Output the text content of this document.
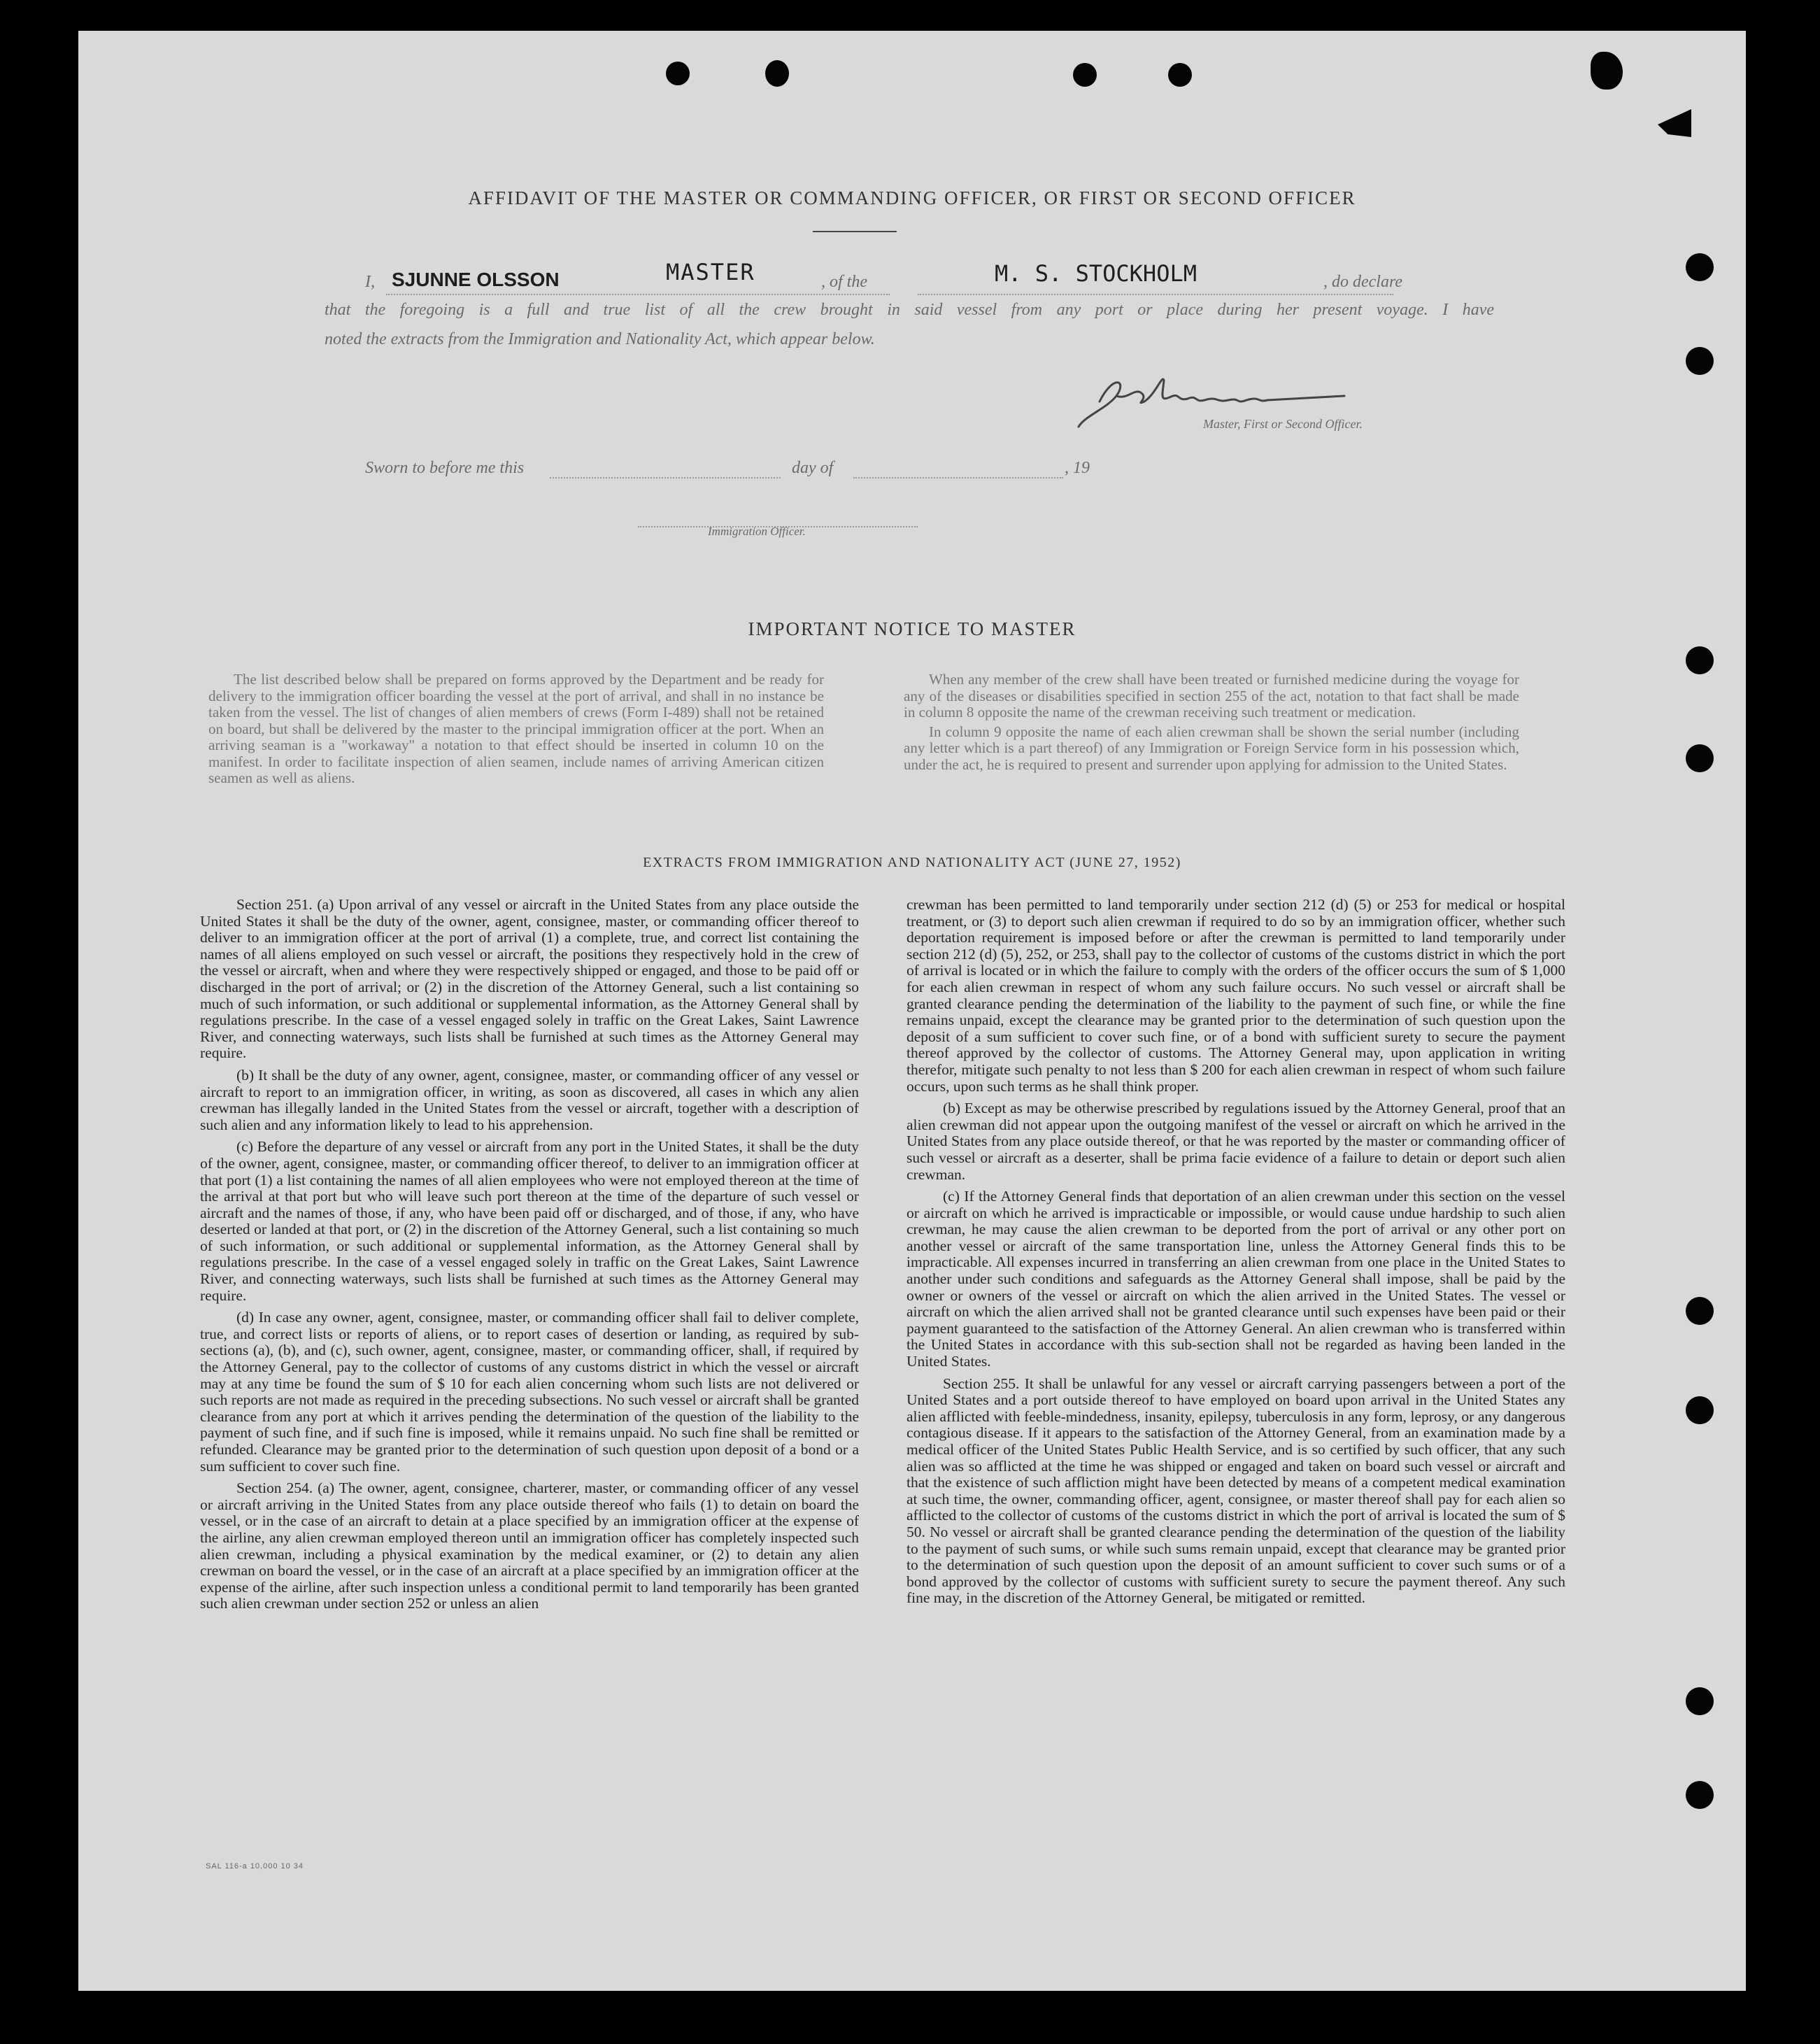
AFFIDAVIT OF THE MASTER OR COMMANDING OFFICER, OR FIRST OR SECOND OFFICER
I, SJUNNE OLSSON	MASTER	, of the	M. S. STOCKHOLM	, do declare
that the foregoing is a full and true list of all the crew brought in said vessel from any port or place during her present voyage. I have
noted the extracts from the Immigration and Nationality Act, which appear below.
Master, First or Second Officer.
Sworn to before me this	day of	, 19
Immigration Officer.
IMPORTANT NOTICE TO MASTER

The list described below shall be prepared on forms approved by the Department and be ready for delivery to the immigration officer boarding the vessel at the port of arrival, and shall in no instance be taken from the vessel. The list of changes of alien members of crews (Form I-489) shall not be retained on board, but shall be delivered by the master to the principal immigration officer at the port. When an arriving seaman is a "workaway" a notation to that effect should be inserted in column 10 on the manifest. In order to facilitate inspection of alien seamen, include names of arriving American citizen seamen as well as aliens.

When any member of the crew shall have been treated or furnished medicine during the voyage for any of the diseases or disabilities specified in section 255 of the act, notation to that fact shall be made in column 8 opposite the name of the crewman receiving such treatment or medication.

In column 9 opposite the name of each alien crewman shall be shown the serial number (including any letter which is a part thereof) of any Immigration or Foreign Service form in his possession which, under the act, he is required to present and surrender upon applying for admission to the United States.

EXTRACTS FROM IMMIGRATION AND NATIONALITY ACT (JUNE 27, 1952)

Section 251. (a) Upon arrival of any vessel or aircraft in the United States from any place outside the United States it shall be the duty of the owner, agent, consignee, master, or commanding officer thereof to deliver to an immigration officer at the port of arrival (1) a complete, true, and correct list containing the names of all aliens employed on such vessel or aircraft, the positions they respectively hold in the crew of the vessel or aircraft, when and where they were respectively shipped or engaged, and those to be paid off or discharged in the port of arrival; or (2) in the discretion of the Attorney General, such a list containing so much of such information, or such additional or supplemental information, as the Attorney General shall by regulations prescribe. In the case of a vessel engaged solely in traffic on the Great Lakes, Saint Lawrence River, and connecting waterways, such lists shall be furnished at such times as the Attorney General may require.

(b) It shall be the duty of any owner, agent, consignee, master, or commanding officer of any vessel or aircraft to report to an immigration officer, in writing, as soon as discovered, all cases in which any alien crewman has illegally landed in the United States from the vessel or aircraft, together with a description of such alien and any information likely to lead to his apprehension.

(c) Before the departure of any vessel or aircraft from any port in the United States, it shall be the duty of the owner, agent, consignee, master, or commanding officer thereof, to deliver to an immigration officer at that port (1) a list containing the names of all alien employees who were not employed thereon at the time of the arrival at that port but who will leave such port thereon at the time of the departure of such vessel or aircraft and the names of those, if any, who have been paid off or discharged, and of those, if any, who have deserted or landed at that port, or (2) in the discretion of the Attorney General, such a list containing so much of such information, or such additional or supplemental information, as the Attorney General shall by regulations prescribe. In the case of a vessel engaged solely in traffic on the Great Lakes, Saint Lawrence River, and connecting waterways, such lists shall be furnished at such times as the Attorney General may require.

(d) In case any owner, agent, consignee, master, or commanding officer shall fail to deliver complete, true, and correct lists or reports of aliens, or to report cases of desertion or landing, as required by sub-sections (a), (b), and (c), such owner, agent, consignee, master, or commanding officer, shall, if required by the Attorney General, pay to the collector of customs of any customs district in which the vessel or aircraft may at any time be found the sum of $ 10 for each alien concerning whom such lists are not delivered or such reports are not made as required in the preceding subsections. No such vessel or aircraft shall be granted clearance from any port at which it arrives pending the determination of the question of the liability to the payment of such fine, and if such fine is imposed, while it remains unpaid. No such fine shall be remitted or refunded. Clearance may be granted prior to the determination of such question upon deposit of a bond or a sum sufficient to cover such fine.

Section 254. (a) The owner, agent, consignee, charterer, master, or commanding officer of any vessel or aircraft arriving in the United States from any place outside thereof who fails (1) to detain on board the vessel, or in the case of an aircraft to detain at a place specified by an immigration officer at the expense of the airline, any alien crewman employed thereon until an immigration officer has completely inspected such alien crewman, including a physical examination by the medical examiner, or (2) to detain any alien crewman on board the vessel, or in the case of an aircraft at a place specified by an immigration officer at the expense of the airline, after such inspection unless a conditional permit to land temporarily has been granted such alien crewman under section 252 or unless an alien

crewman has been permitted to land temporarily under section 212 (d) (5) or 253 for medical or hospital treatment, or (3) to deport such alien crewman if required to do so by an immigration officer, whether such deportation requirement is imposed before or after the crewman is permitted to land temporarily under section 212 (d) (5), 252, or 253, shall pay to the collector of customs of the customs district in which the port of arrival is located or in which the failure to comply with the orders of the officer occurs the sum of $ 1,000 for each alien crewman in respect of whom any such failure occurs. No such vessel or aircraft shall be granted clearance pending the determination of the liability to the payment of such fine, or while the fine remains unpaid, except the clearance may be granted prior to the determination of such question upon the deposit of a sum sufficient to cover such fine, or of a bond with sufficient surety to secure the payment thereof approved by the collector of customs. The Attorney General may, upon application in writing therefor, mitigate such penalty to not less than $ 200 for each alien crewman in respect of whom such failure occurs, upon such terms as he shall think proper.

(b) Except as may be otherwise prescribed by regulations issued by the Attorney General, proof that an alien crewman did not appear upon the outgoing manifest of the vessel or aircraft on which he arrived in the United States from any place outside thereof, or that he was reported by the master or commanding officer of such vessel or aircraft as a deserter, shall be prima facie evidence of a failure to detain or deport such alien crewman.

(c) If the Attorney General finds that deportation of an alien crewman under this section on the vessel or aircraft on which he arrived is impracticable or impossible, or would cause undue hardship to such alien crewman, he may cause the alien crewman to be deported from the port of arrival or any other port on another vessel or aircraft of the same transportation line, unless the Attorney General finds this to be impracticable. All expenses incurred in transferring an alien crewman from one place in the United States to another under such conditions and safeguards as the Attorney General shall impose, shall be paid by the owner or owners of the vessel or aircraft on which the alien arrived in the United States. The vessel or aircraft on which the alien arrived shall not be granted clearance until such expenses have been paid or their payment guaranteed to the satisfaction of the Attorney General. An alien crewman who is transferred within the United States in accordance with this sub-section shall not be regarded as having been landed in the United States.

Section 255. It shall be unlawful for any vessel or aircraft carrying passengers between a port of the United States and a port outside thereof to have employed on board upon arrival in the United States any alien afflicted with feeble-mindedness, insanity, epilepsy, tuberculosis in any form, leprosy, or any dangerous contagious disease. If it appears to the satisfaction of the Attorney General, from an examination made by a medical officer of the United States Public Health Service, and is so certified by such officer, that any such alien was so afflicted at the time he was shipped or engaged and taken on board such vessel or aircraft and that the existence of such affliction might have been detected by means of a competent medical examination at such time, the owner, commanding officer, agent, consignee, or master thereof shall pay for each alien so afflicted to the collector of customs of the customs district in which the port of arrival is located the sum of $ 50. No vessel or aircraft shall be granted clearance pending the determination of the question of the liability to the payment of such sums, or while such sums remain unpaid, except that clearance may be granted prior to the determination of such question upon the deposit of an amount sufficient to cover such sums or of a bond approved by the collector of customs with sufficient surety to secure the payment thereof. Any such fine may, in the discretion of the Attorney General, be mitigated or remitted.

SAL 116-a 10,000 10 34
